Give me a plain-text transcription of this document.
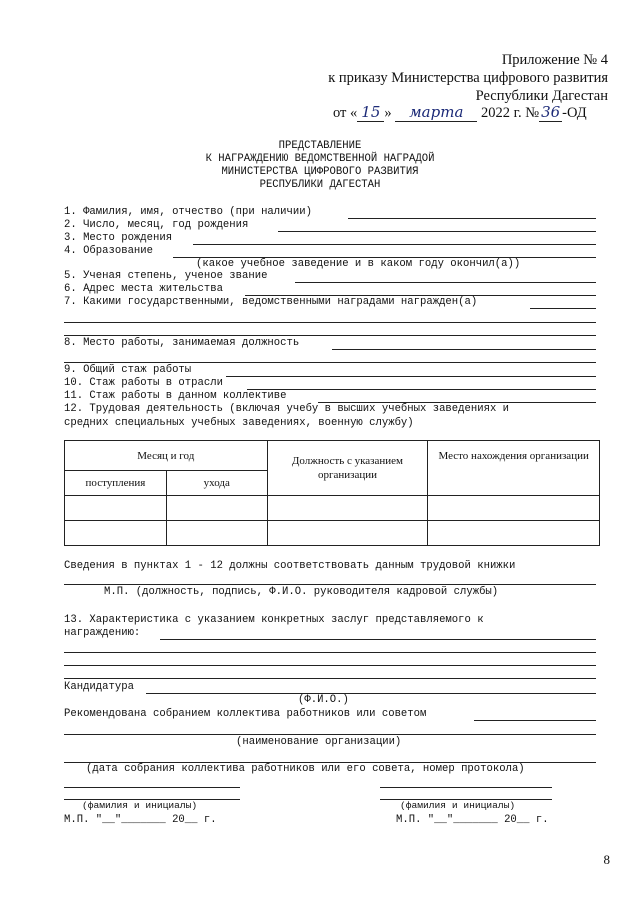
Приложение № 4
к приказу Министерства цифрового развития
Республики Дагестан
от « 15 » марта 2022 г. № 36 -ОД
ПРЕДСТАВЛЕНИЕ
К НАГРАЖДЕНИЮ ВЕДОМСТВЕННОЙ НАГРАДОЙ
МИНИСТЕРСТВА ЦИФРОВОГО РАЗВИТИЯ
РЕСПУБЛИКИ ДАГЕСТАН
1. Фамилия, имя, отчество (при наличии)
2. Число, месяц, год рождения
3. Место рождения
4. Образование
(какое учебное заведение и в каком году окончил(а))
5. Ученая степень, ученое звание
6. Адрес места жительства
7. Какими государственными, ведомственными наградами награжден(а)
8. Место работы, занимаемая должность
9. Общий стаж работы
10. Стаж работы в отрасли
11. Стаж работы в данном коллективе
12. Трудовая деятельность (включая учебу в высших учебных заведениях и
средних специальных учебных заведениях, военную службу)
Месяц и год		Должность с указанием организации	Место нахождения организации
поступления	ухода		

Сведения в пунктах 1 - 12 должны соответствовать данным трудовой книжки
М.П. (должность, подпись, Ф.И.О. руководителя кадровой службы)
13. Характеристика с указанием конкретных заслуг представляемого к
награждению:
Кандидатура
(Ф.И.О.)
Рекомендована собранием коллектива работников или советом
(наименование организации)
(дата собрания коллектива работников или его совета, номер протокола)
(фамилия и инициалы)	(фамилия и инициалы)
М.П. "__"_______ 20__ г.	М.П. "__"_______ 20__ г.
8
